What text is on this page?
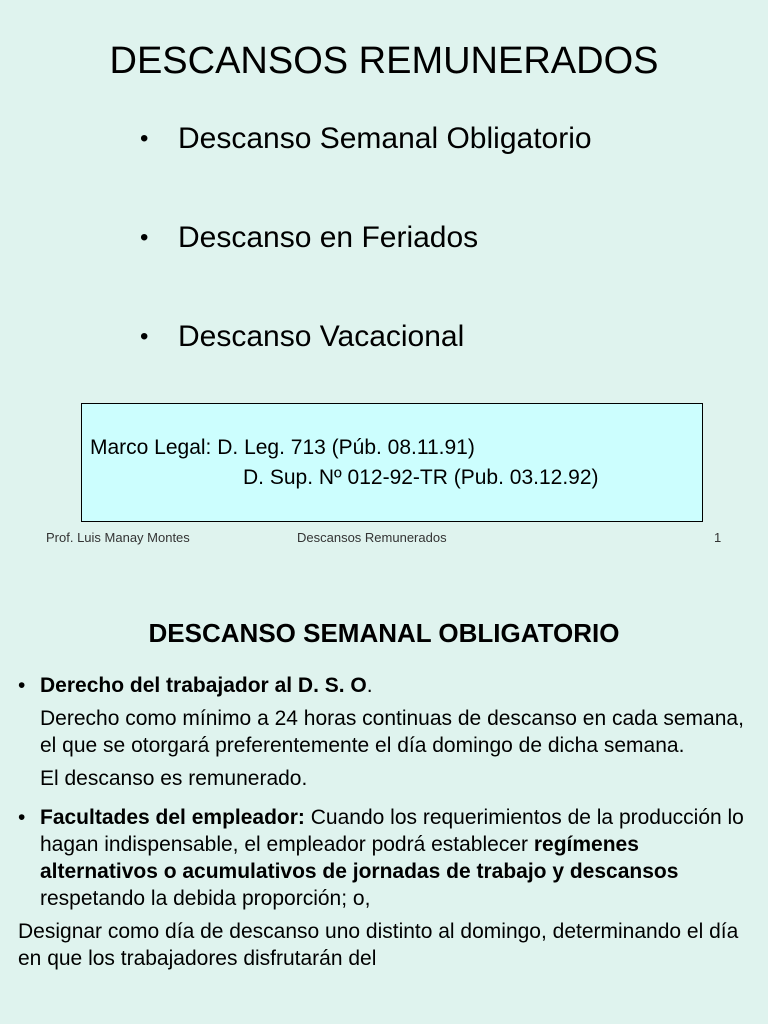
DESCANSOS REMUNERADOS
• Descanso Semanal Obligatorio
• Descanso en Feriados
• Descanso Vacacional
Marco Legal: D. Leg. 713 (Púb. 08.11.91)
D. Sup. Nº 012-92-TR (Pub. 03.12.92)
Prof. Luis Manay Montes	Descansos Remunerados	1
DESCANSO SEMANAL OBLIGATORIO
• Derecho del trabajador al D. S. O.
Derecho como mínimo a 24 horas continuas de descanso en cada semana, el que se otorgará preferentemente el día domingo de dicha semana.
El descanso es remunerado.
• Facultades del empleador: Cuando los requerimientos de la producción lo hagan indispensable, el empleador podrá establecer regímenes alternativos o acumulativos de jornadas de trabajo y descansos respetando la debida proporción; o,
Designar como día de descanso uno distinto al domingo, determinando el día en que los trabajadores disfrutarán del
